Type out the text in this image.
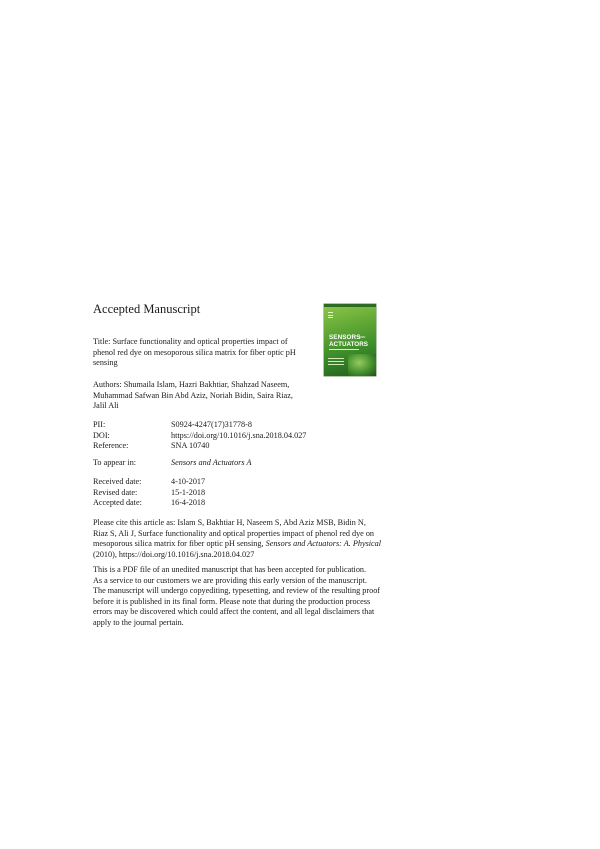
Accepted Manuscript
SENSORS
AND
ACTUATORS
Title: Surface functionality and optical properties impact of
phenol red dye on mesoporous silica matrix for fiber optic pH
sensing
Authors: Shumaila Islam, Hazri Bakhtiar, Shahzad Naseem,
Muhammad Safwan Bin Abd Aziz, Noriah Bidin, Saira Riaz,
Jalil Ali
PII:	S0924-4247(17)31778-8
DOI:	https://doi.org/10.1016/j.sna.2018.04.027
Reference:	SNA 10740
To appear in:	Sensors and Actuators A
Received date:	4-10-2017
Revised date:	15-1-2018
Accepted date:	16-4-2018
Please cite this article as: Islam S, Bakhtiar H, Naseem S, Abd Aziz MSB, Bidin N,
Riaz S, Ali J, Surface functionality and optical properties impact of phenol red dye on
mesoporous silica matrix for fiber optic pH sensing, Sensors and Actuators: A. Physical
(2010), https://doi.org/10.1016/j.sna.2018.04.027
This is a PDF file of an unedited manuscript that has been accepted for publication.
As a service to our customers we are providing this early version of the manuscript.
The manuscript will undergo copyediting, typesetting, and review of the resulting proof
before it is published in its final form. Please note that during the production process
errors may be discovered which could affect the content, and all legal disclaimers that
apply to the journal pertain.
